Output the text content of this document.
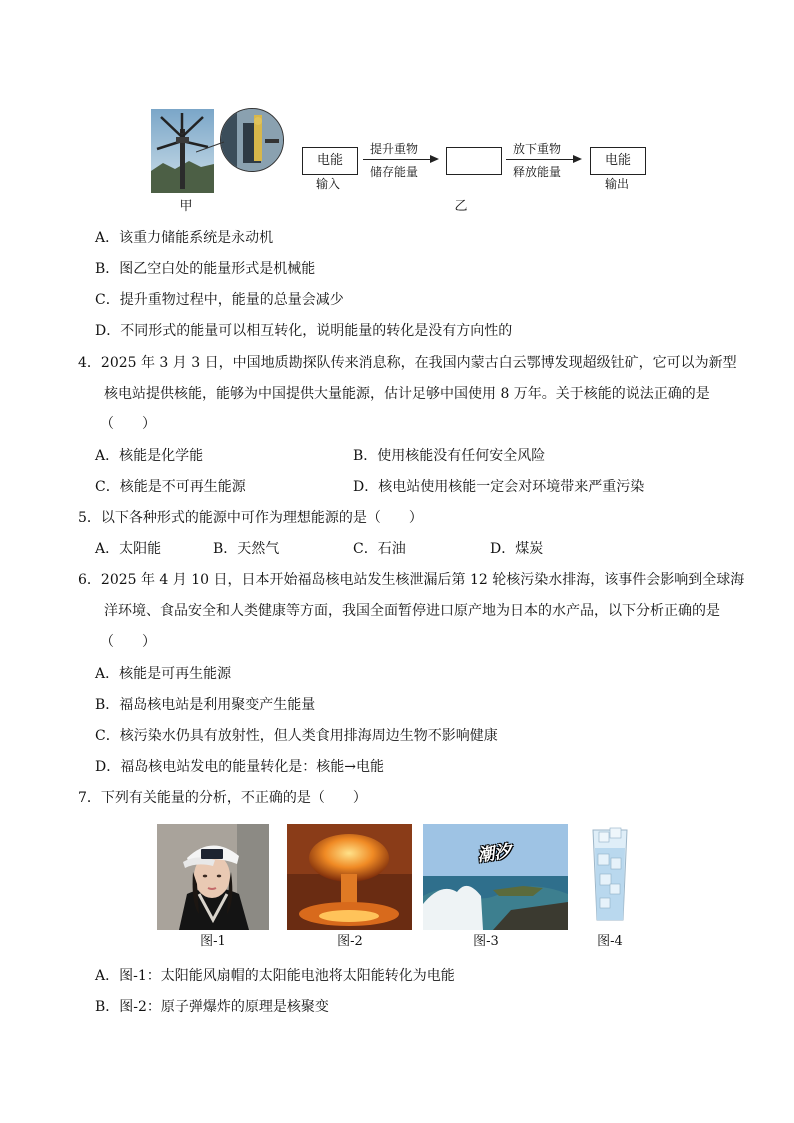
甲
电能
输入
提升重物
储存能量
放下重物
释放能量
电能
输出
乙
A．该重力储能系统是永动机
B．图乙空白处的能量形式是机械能
C．提升重物过程中，能量的总量会减少
D．不同形式的能量可以相互转化，说明能量的转化是没有方向性的
4．2025 年 3 月 3 日，中国地质勘探队传来消息称，在我国内蒙古白云鄂博发现超级钍矿，它可以为新型
核电站提供核能，能够为中国提供大量能源，估计足够中国使用 8 万年。关于核能的说法正确的是
（　　）
A．核能是化学能	B．使用核能没有任何安全风险
C．核能是不可再生能源	D．核电站使用核能一定会对环境带来严重污染
5．以下各种形式的能源中可作为理想能源的是（　　）
A．太阳能	B．天然气	C．石油	D．煤炭
6．2025 年 4 月 10 日，日本开始福岛核电站发生核泄漏后第 12 轮核污染水排海，该事件会影响到全球海
洋环境、食品安全和人类健康等方面，我国全面暂停进口原产地为日本的水产品，以下分析正确的是
（　　）
A．核能是可再生能源
B．福岛核电站是利用聚变产生能量
C．核污染水仍具有放射性，但人类食用排海周边生物不影响健康
D．福岛核电站发电的能量转化是：核能→电能
7．下列有关能量的分析，不正确的是（　　）
图-1	图-2
潮汐
图-3	图-4
A．图-1：太阳能风扇帽的太阳能电池将太阳能转化为电能
B．图-2：原子弹爆炸的原理是核聚变
